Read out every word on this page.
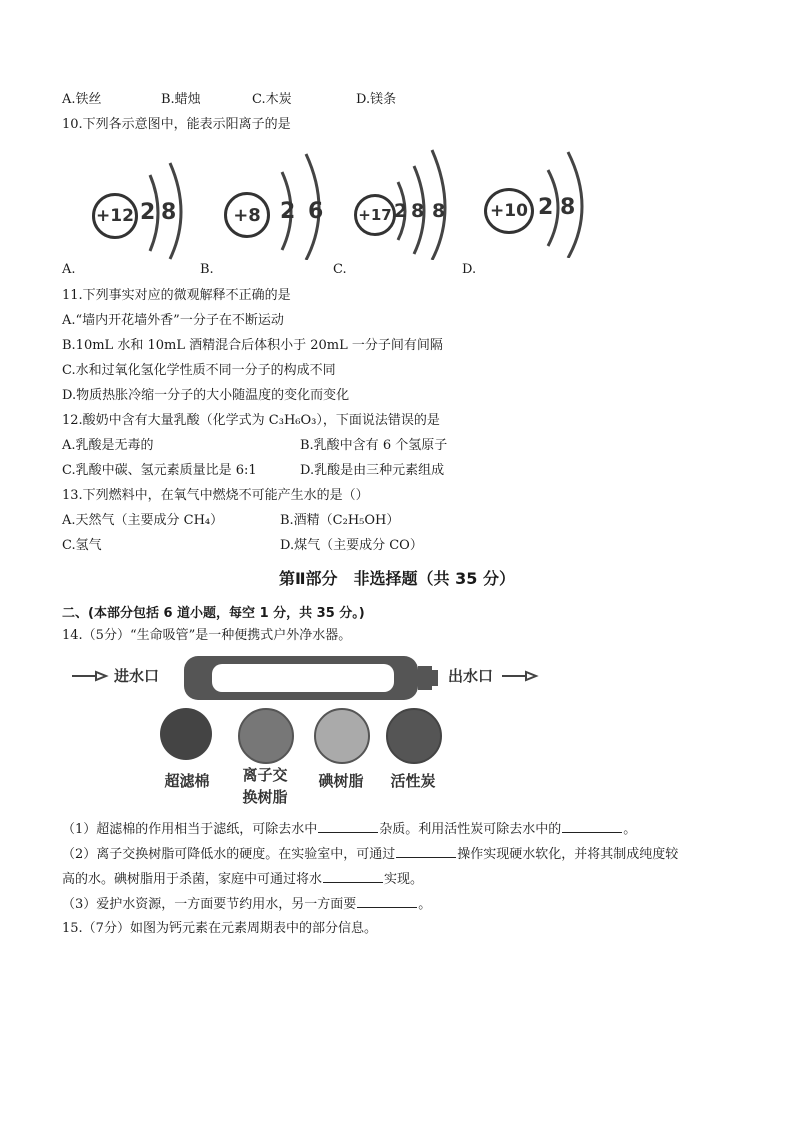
A.铁丝	B.蜡烛	C.木炭	D.镁条
10.下列各示意图中，能表示阳离子的是
+12 2 8
A.
+8 2 6
B.
+17 2 8 8
C.
+10 2 8
D.
11.下列事实对应的微观解释不正确的是
A.“墙内开花墙外香”一分子在不断运动
B.10mL 水和 10mL 酒精混合后体积小于 20mL 一分子间有间隔
C.水和过氧化氢化学性质不同一分子的构成不同
D.物质热胀冷缩一分子的大小随温度的变化而变化
12.酸奶中含有大量乳酸（化学式为 C₃H₆O₃），下面说法错误的是
A.乳酸是无毒的	B.乳酸中含有 6 个氢原子
C.乳酸中碳、氢元素质量比是 6:1	D.乳酸是由三种元素组成
13.下列燃料中，在氧气中燃烧不可能产生水的是（）
A.天然气（主要成分 CH₄）	B.酒精（C₂H₅OH）
C.氢气	D.煤气（主要成分 CO）
第Ⅱ部分　非选择题（共 35 分）
二、(本部分包括 6 道小题，每空 1 分，共 35 分。)
14.（5分）“生命吸管”是一种便携式户外净水器。
进水口	出水口
超滤棉	离子交
换树脂
碘树脂	活性炭
（1）超滤棉的作用相当于滤纸，可除去水中	杂质。利用活性炭可除去水中的	。
（2）离子交换树脂可降低水的硬度。在实验室中，可通过	操作实现硬水软化，并将其制成纯度较
高的水。碘树脂用于杀菌，家庭中可通过将水	实现。
（3）爱护水资源，一方面要节约用水，另一方面要	。
15.（7分）如图为钙元素在元素周期表中的部分信息。
